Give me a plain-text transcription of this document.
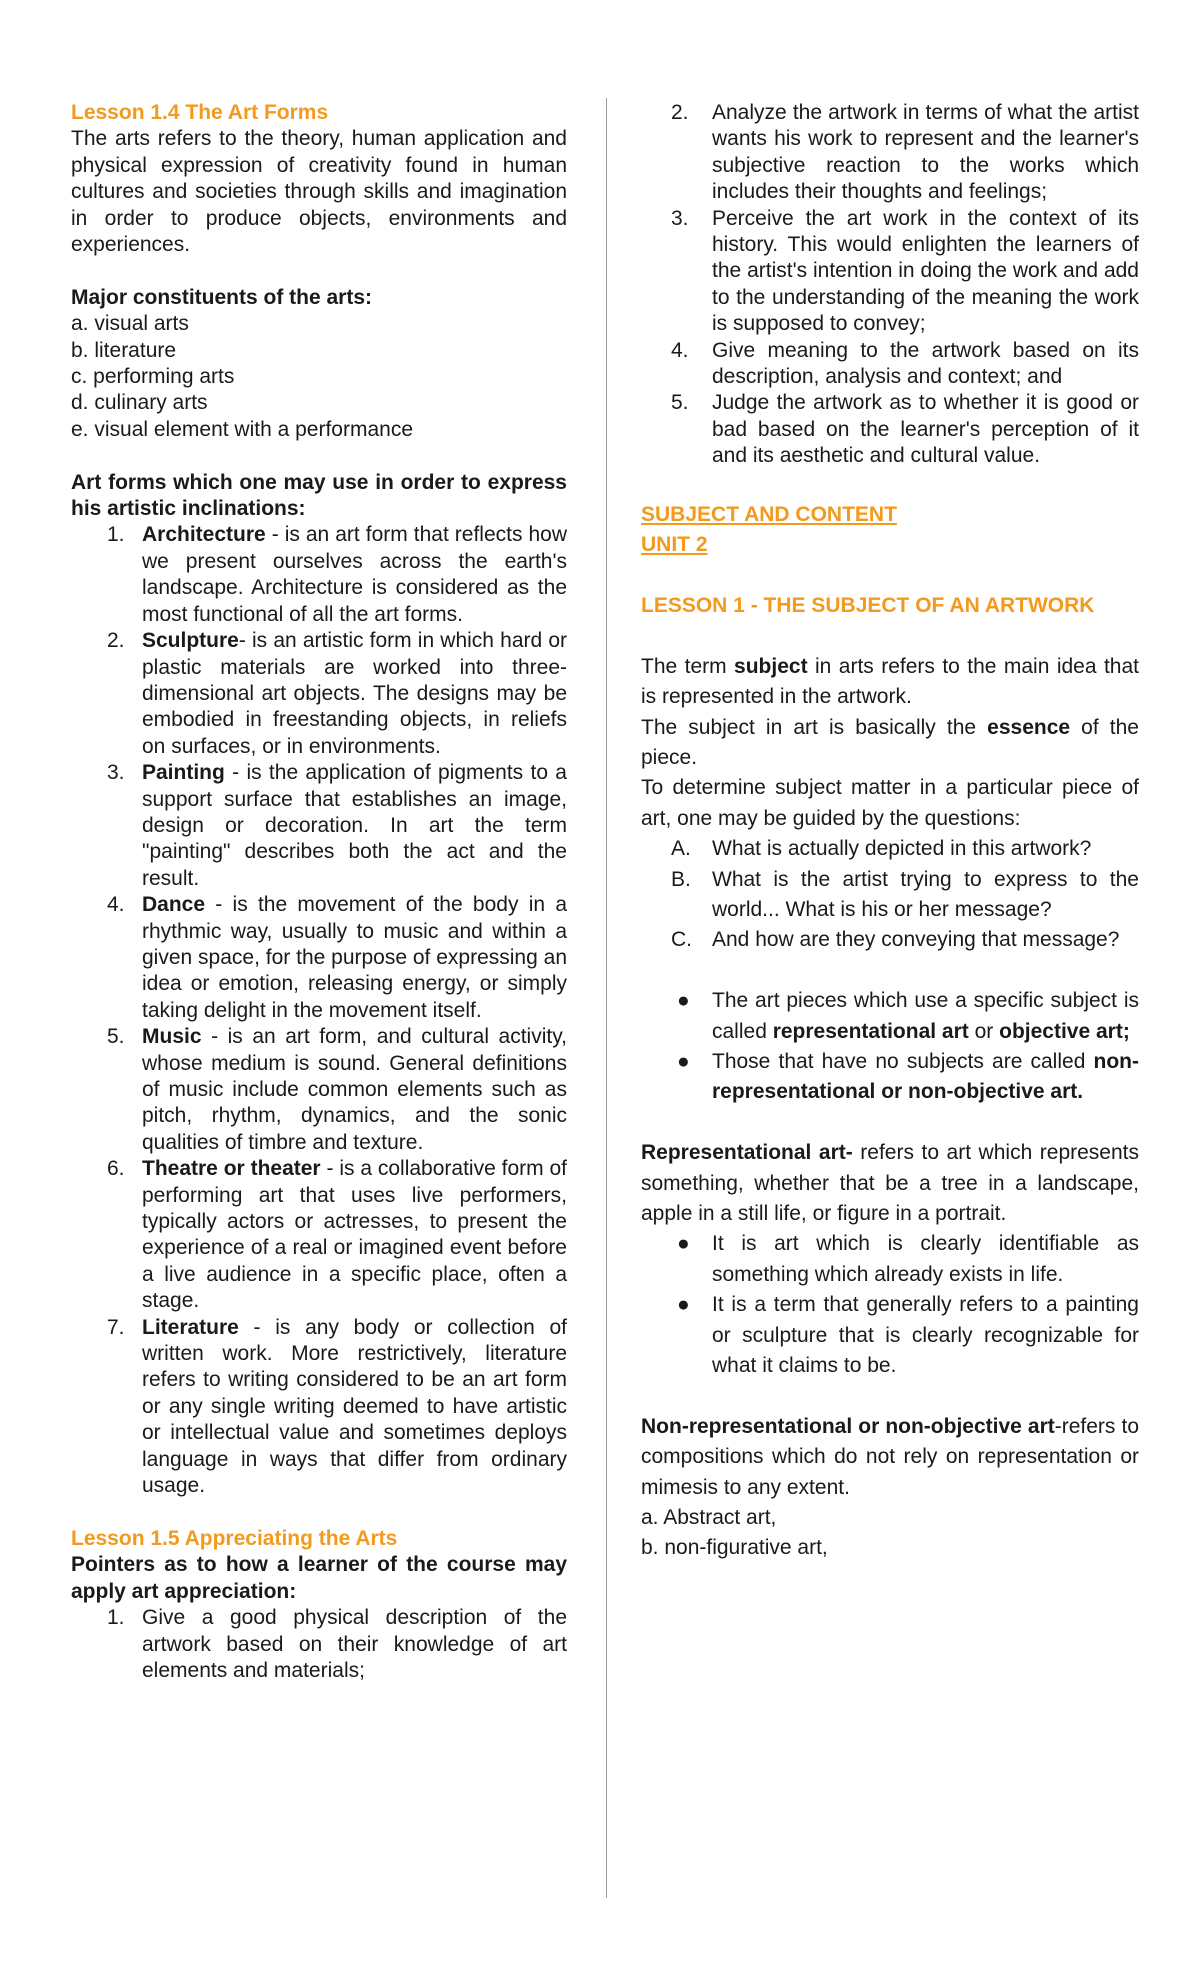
Lesson 1.4 The Art Forms

The arts refers to the theory, human application and physical expression of creativity found in human cultures and societies through skills and imagination in order to produce objects, environments and experiences.

Major constituents of the arts:

a. visual arts

b. literature

c. performing arts

d. culinary arts

e. visual element with a performance

Art forms which one may use in order to express his artistic inclinations:

1. Architecture - is an art form that reflects how we present ourselves across the earth's landscape. Architecture is considered as the most functional of all the art forms.
2. Sculpture- is an artistic form in which hard or plastic materials are worked into three-dimensional art objects. The designs may be embodied in freestanding objects, in reliefs on surfaces, or in environments.
3. Painting - is the application of pigments to a support surface that establishes an image, design or decoration. In art the term "painting" describes both the act and the result.
4. Dance - is the movement of the body in a rhythmic way, usually to music and within a given space, for the purpose of expressing an idea or emotion, releasing energy, or simply taking delight in the movement itself.
5. Music - is an art form, and cultural activity, whose medium is sound. General definitions of music include common elements such as pitch, rhythm, dynamics, and the sonic qualities of timbre and texture.
6. Theatre or theater - is a collaborative form of performing art that uses live performers, typically actors or actresses, to present the experience of a real or imagined event before a live audience in a specific place, often a stage.
7. Literature - is any body or collection of written work. More restrictively, literature refers to writing considered to be an art form or any single writing deemed to have artistic or intellectual value and sometimes deploys language in ways that differ from ordinary usage.

Lesson 1.5 Appreciating the Arts

Pointers as to how a learner of the course may apply art appreciation:

1. Give a good physical description of the artwork based on their knowledge of art elements and materials;
2.	Analyze the artwork in terms of what the artist wants his work to represent and the learner's subjective reaction to the works which includes their thoughts and feelings;
3.	Perceive the art work in the context of its history. This would enlighten the learners of the artist's intention in doing the work and add to the understanding of the meaning the work is supposed to convey;
4.	Give meaning to the artwork based on its description, analysis and context; and
5.	Judge the artwork as to whether it is good or bad based on the learner's perception of it and its aesthetic and cultural value.

SUBJECT AND CONTENT

UNIT 2

LESSON 1 - THE SUBJECT OF AN ARTWORK

The term subject in arts refers to the main idea that is represented in the artwork.

The subject in art is basically the essence of the piece.

To determine subject matter in a particular piece of art, one may be guided by the questions:

A.	What is actually depicted in this artwork?
B.	What is the artist trying to express to the world... What is his or her message?
C. And how are they conveying that message?
● The art pieces which use a specific subject is called representational art or objective art;
● Those that have no subjects are called non-representational or non-objective art.

Representational art- refers to art which represents something, whether that be a tree in a landscape, apple in a still life, or figure in a portrait.

● It is art which is clearly identifiable as something which already exists in life.
● It is a term that generally refers to a painting or sculpture that is clearly recognizable for what it claims to be.

Non-representational or non-objective art-refers to compositions which do not rely on representation or mimesis to any extent.

a. Abstract art,

b. non-figurative art,
